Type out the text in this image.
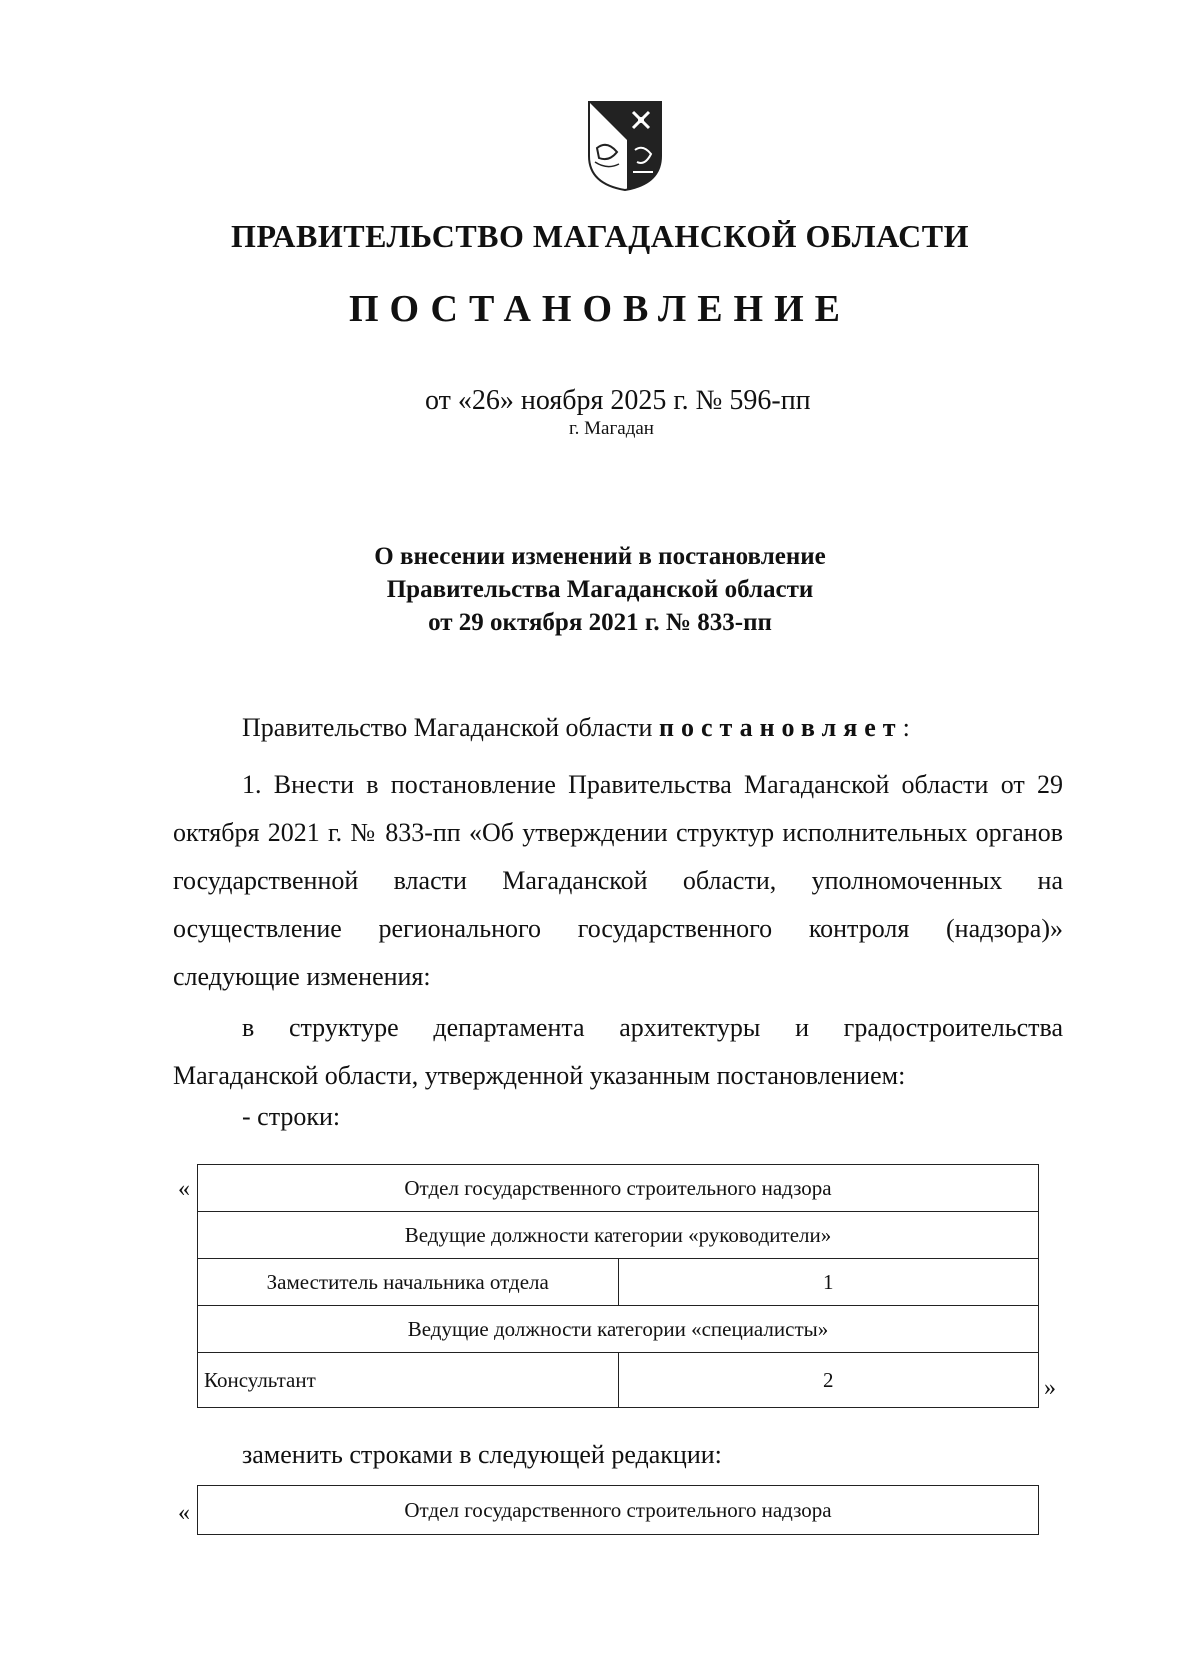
ПРАВИТЕЛЬСТВО МАГАДАНСКОЙ ОБЛАСТИ
ПОСТАНОВЛЕНИЕ
от «26» ноября 2025 г. № 596-пп
г. Магадан
О внесении изменений в постановление
Правительства Магаданской области
от 29 октября 2021 г. № 833-пп
Правительство Магаданской области постановляет:
1. Внести в постановление Правительства Магаданской области от 29 октября 2021 г. № 833-пп «Об утверждении структур исполнительных органов государственной власти Магаданской области, уполномоченных на осуществление регионального государственного контроля (надзора)» следующие изменения:
в структуре департамента архитектуры и градостроительства Магаданской области, утвержденной указанным постановлением:
- строки:
«	Отдел государственного строительного надзора	
Ведущие должности категории «руководители»	
Заместитель начальника отдела	1
Ведущие должности категории «специалисты»	
Консультант	2	»
заменить строками в следующей редакции:
«	Отдел государственного строительного надзора
